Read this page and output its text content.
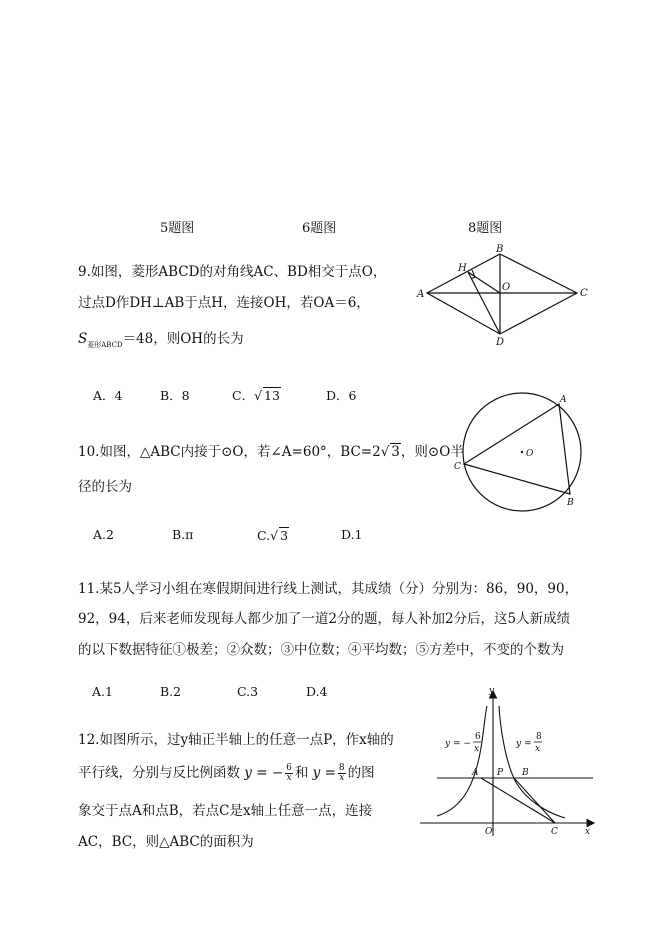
5题图	6题图	8题图
9.如图，菱形ABCD的对角线AC、BD相交于点O，
过点D作DH⊥AB于点H，连接OH，若OA＝6，
$S_{菱形ABCD}=48$，则OH的长为
A
B
C
D
H
O
A．4	B．8	C．√ 13	D．6
10.如图，△ABC内接于⊙O，若∠A=60°，BC=2√ 3，则⊙O半
径的长为
A
B
C
O
A.2	B.π	C.√ 3	D.1
11.某5人学习小组在寒假期间进行线上测试，其成绩（分）分别为：86，90，90，
92，94，后来老师发现每人都少加了一道2分的题，每人补加2分后，这5人新成绩
的以下数据特征①极差；②众数；③中位数；④平均数；⑤方差中，不变的个数为
A.1	B.2	C.3	D.4
12.如图所示，过y轴正半轴上的任意一点P，作x轴的
平行线，分别与反比例函数 y = − $\frac{6}{x}$ 和 $y = \frac{8}{x}$ 的图
象交于点A和点B，若点C是x轴上任意一点，连接
AC，BC，则△ABC的面积为
y
x
y = −
6
x	y =
8
x
A P B
O	C
